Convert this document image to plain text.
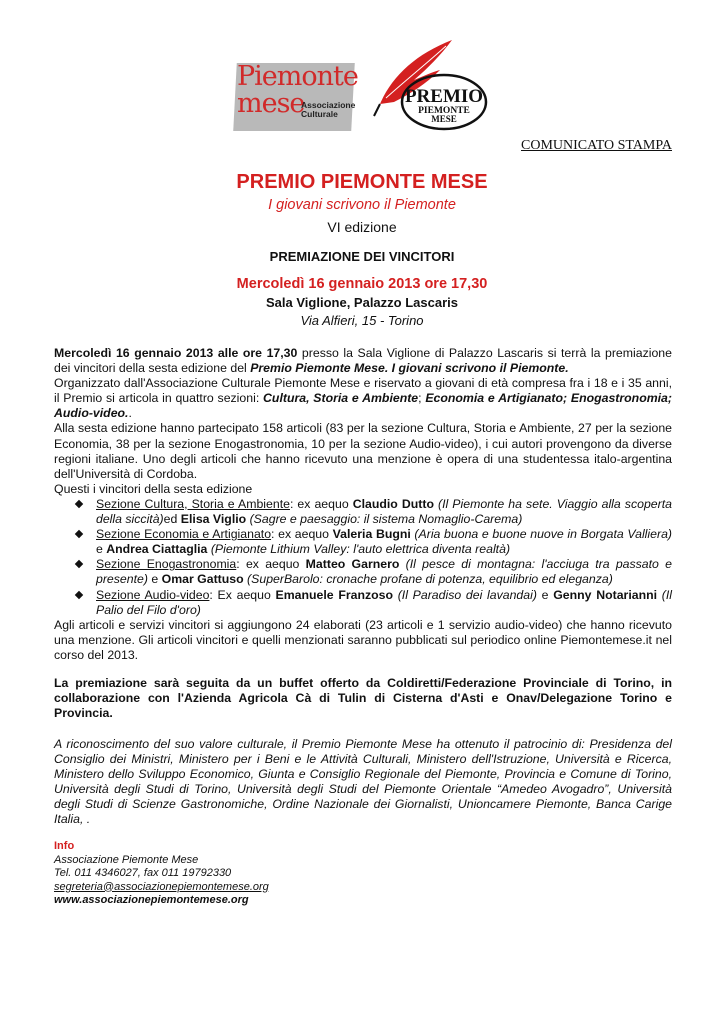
Piemonte
mese
Associazione
Culturale
PREMIO
PIEMONTE
MESE
COMUNICATO STAMPA
PREMIO PIEMONTE MESE
I giovani scrivono il Piemonte
VI edizione
PREMIAZIONE DEI VINCITORI
Mercoledì 16 gennaio 2013 ore 17,30
Sala Viglione, Palazzo Lascaris
Via Alfieri, 15 - Torino

Mercoledì 16 gennaio 2013 alle ore 17,30 presso la Sala Viglione di Palazzo Lascaris si terrà la premiazione dei vincitori della sesta edizione del Premio Piemonte Mese. I giovani scrivono il Piemonte.

Organizzato dall'Associazione Culturale Piemonte Mese e riservato a giovani di età compresa fra i 18 e i 35 anni, il Premio si articola in quattro sezioni: Cultura, Storia e Ambiente; Economia e Artigianato; Enogastronomia; Audio-video..

Alla sesta edizione hanno partecipato 158 articoli (83 per la sezione Cultura, Storia e Ambiente, 27 per la sezione Economia, 38 per la sezione Enogastronomia, 10 per la sezione Audio-video), i cui autori provengono da diverse regioni italiane. Uno degli articoli che hanno ricevuto una menzione è opera di una studentessa italo-argentina dell'Università di Cordoba.

Questi i vincitori della sesta edizione

Sezione Cultura, Storia e Ambiente: ex aequo Claudio Dutto (Il Piemonte ha sete. Viaggio alla scoperta della siccità)ed Elisa Viglio (Sagre e paesaggio: il sistema Nomaglio-Carema)
Sezione Economia e Artigianato: ex aequo Valeria Bugni (Aria buona e buone nuove in Borgata Valliera) e Andrea Ciattaglia (Piemonte Lithium Valley: l'auto elettrica diventa realtà)
Sezione Enogastronomia: ex aequo Matteo Garnero (Il pesce di montagna: l'acciuga tra passato e presente) e Omar Gattuso (SuperBarolo: cronache profane di potenza, equilibrio ed eleganza)
Sezione Audio-video: Ex aequo Emanuele Franzoso (Il Paradiso dei lavandai) e Genny Notarianni (Il Palio del Filo d'oro)

Agli articoli e servizi vincitori si aggiungono 24 elaborati (23 articoli e 1 servizio audio-video) che hanno ricevuto una menzione. Gli articoli vincitori e quelli menzionati saranno pubblicati sul periodico online Piemontemese.it nel corso del 2013.

La premiazione sarà seguita da un buffet offerto da Coldiretti/Federazione Provinciale di Torino, in collaborazione con l'Azienda Agricola Cà di Tulin di Cisterna d'Asti e Onav/Delegazione Torino e Provincia.
A riconoscimento del suo valore culturale, il Premio Piemonte Mese ha ottenuto il patrocinio di: Presidenza del Consiglio dei Ministri, Ministero per i Beni e le Attività Culturali, Ministero dell'Istruzione, Università e Ricerca, Ministero dello Sviluppo Economico, Giunta e Consiglio Regionale del Piemonte, Provincia e Comune di Torino, Università degli Studi di Torino, Università degli Studi del Piemonte Orientale “Amedeo Avogadro”, Università degli Studi di Scienze Gastronomiche, Ordine Nazionale dei Giornalisti, Unioncamere Piemonte, Banca Carige Italia, .
Info
Associazione Piemonte Mese
Tel. 011 4346027, fax 011 19792330
segreteria@associazionepiemontemese.org
www.associazionepiemontemese.org
